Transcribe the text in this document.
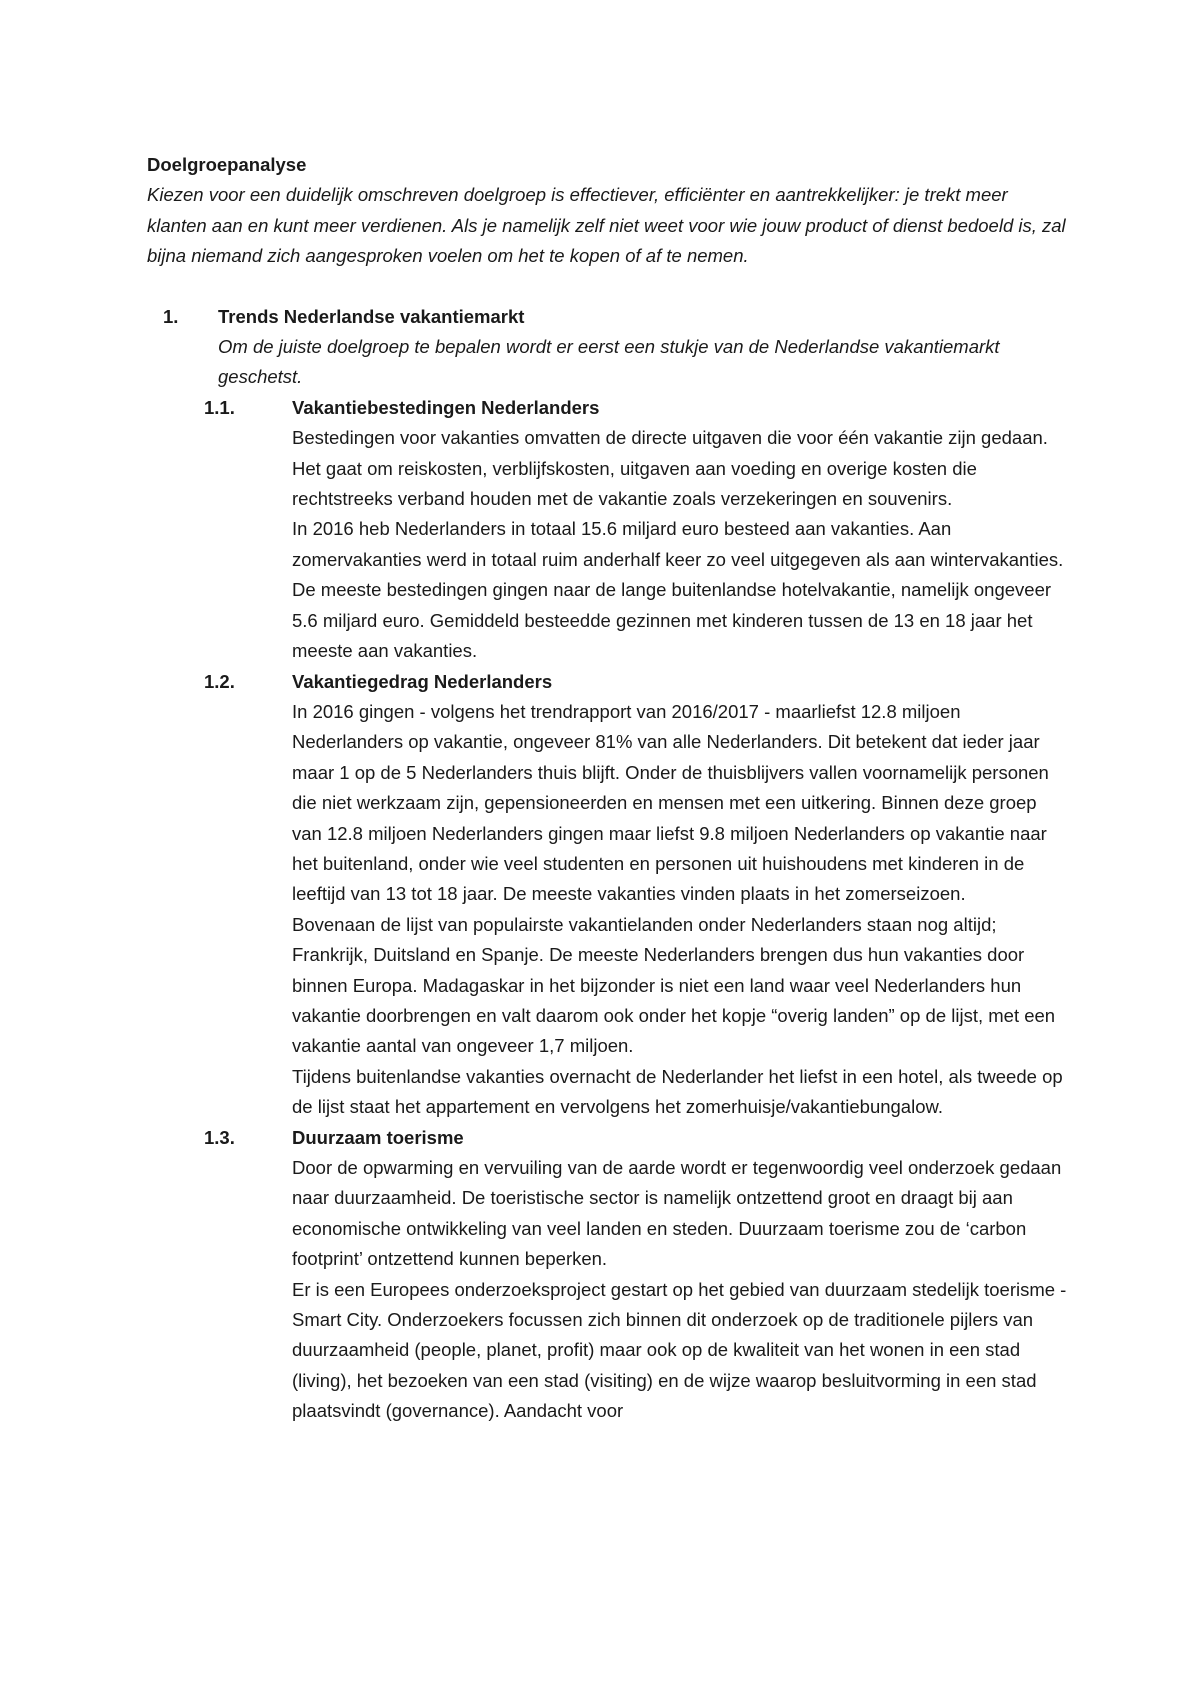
Doelgroepanalyse

Kiezen voor een duidelijk omschreven doelgroep is effectiever, efficiënter en aantrekkelijker: je trekt meer klanten aan en kunt meer verdienen. Als je namelijk zelf niet weet voor wie jouw product of dienst bedoeld is, zal bijna niemand zich aangesproken voelen om het te kopen of af te nemen.

1. Trends Nederlandse vakantiemarkt

Om de juiste doelgroep te bepalen wordt er eerst een stukje van de Nederlandse vakantiemarkt geschetst.

1.1.	Vakantiebestedingen Nederlanders

Bestedingen voor vakanties omvatten de directe uitgaven die voor één vakantie zijn gedaan. Het gaat om reiskosten, verblijfskosten, uitgaven aan voeding en overige kosten die rechtstreeks verband houden met de vakantie zoals verzekeringen en souvenirs.

In 2016 heb Nederlanders in totaal 15.6 miljard euro besteed aan vakanties. Aan zomervakanties werd in totaal ruim anderhalf keer zo veel uitgegeven als aan wintervakanties. De meeste bestedingen gingen naar de lange buitenlandse hotelvakantie, namelijk ongeveer 5.6 miljard euro. Gemiddeld besteedde gezinnen met kinderen tussen de 13 en 18 jaar het meeste aan vakanties.

1.2.	Vakantiegedrag Nederlanders

In 2016 gingen - volgens het trendrapport van 2016/2017 - maarliefst 12.8 miljoen Nederlanders op vakantie, ongeveer 81% van alle Nederlanders. Dit betekent dat ieder jaar maar 1 op de 5 Nederlanders thuis blijft. Onder de thuisblijvers vallen voornamelijk personen die niet werkzaam zijn, gepensioneerden en mensen met een uitkering. Binnen deze groep van 12.8 miljoen Nederlanders gingen maar liefst 9.8 miljoen Nederlanders op vakantie naar het buitenland, onder wie veel studenten en personen uit huishoudens met kinderen in de leeftijd van 13 tot 18 jaar. De meeste vakanties vinden plaats in het zomerseizoen.

Bovenaan de lijst van populairste vakantielanden onder Nederlanders staan nog altijd; Frankrijk, Duitsland en Spanje. De meeste Nederlanders brengen dus hun vakanties door binnen Europa. Madagaskar in het bijzonder is niet een land waar veel Nederlanders hun vakantie doorbrengen en valt daarom ook onder het kopje “overig landen” op de lijst, met een vakantie aantal van ongeveer 1,7 miljoen.

Tijdens buitenlandse vakanties overnacht de Nederlander het liefst in een hotel, als tweede op de lijst staat het appartement en vervolgens het zomerhuisje/vakantiebungalow.

1.3.	Duurzaam toerisme

Door de opwarming en vervuiling van de aarde wordt er tegenwoordig veel onderzoek gedaan naar duurzaamheid. De toeristische sector is namelijk ontzettend groot en draagt bij aan economische ontwikkeling van veel landen en steden. Duurzaam toerisme zou de ‘carbon footprint’ ontzettend kunnen beperken.

Er is een Europees onderzoeksproject gestart op het gebied van duurzaam stedelijk toerisme - Smart City. Onderzoekers focussen zich binnen dit onderzoek op de traditionele pijlers van duurzaamheid (people, planet, profit) maar ook op de kwaliteit van het wonen in een stad (living), het bezoeken van een stad (visiting) en de wijze waarop besluitvorming in een stad plaatsvindt (governance). Aandacht voor
